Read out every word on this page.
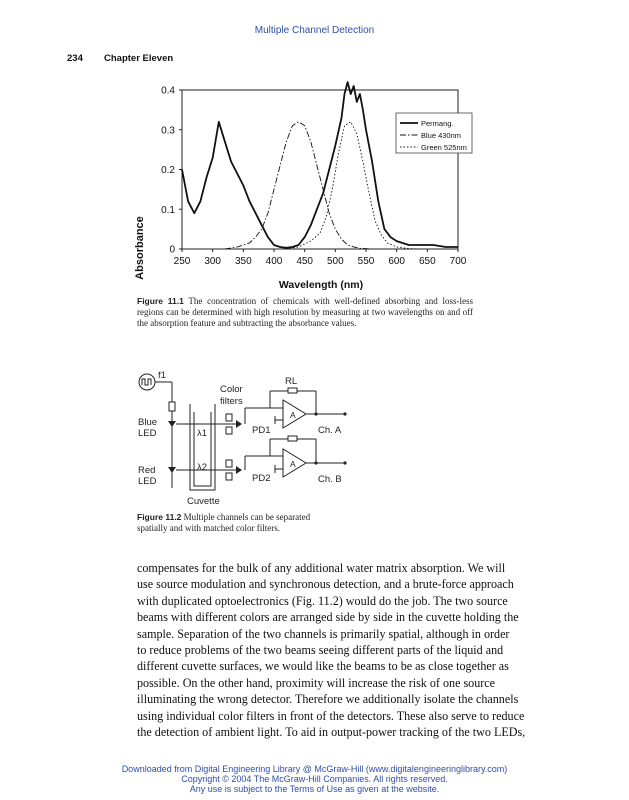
Multiple Channel Detection
234 Chapter Eleven
250 300 350 400 450 500 550 600 650 700
0
0.1
0.2
0.3
0.4
Absorbance
Wavelength (nm)
Permang.
Blue 430nm
Green 525nm
Figure 11.1 The concentration of chemicals with well-defined absorbing and loss-less regions can be determined with high resolution by measuring at two wavelengths on and off the absorption feature and subtracting the absorbance values.
f1
Color
filters
RL
Blue
LED
Red
LED
λ1
λ2
PD1
PD2
A
A
Ch. A
Ch. B
Cuvette
Figure 11.2 Multiple channels can be separated
spatially and with matched color filters.
compensates for the bulk of any additional water matrix absorption. We will
use source modulation and synchronous detection, and a brute-force approach
with duplicated optoelectronics (Fig. 11.2) would do the job. The two source
beams with different colors are arranged side by side in the cuvette holding the
sample. Separation of the two channels is primarily spatial, although in order
to reduce problems of the two beams seeing different parts of the liquid and
different cuvette surfaces, we would like the beams to be as close together as
possible. On the other hand, proximity will increase the risk of one source
illuminating the wrong detector. Therefore we additionally isolate the channels
using individual color filters in front of the detectors. These also serve to reduce
the detection of ambient light. To aid in output-power tracking of the two LEDs,
Downloaded from Digital Engineering Library @ McGraw-Hill (www.digitalengineeringlibrary.com)
Copyright © 2004 The McGraw-Hill Companies. All rights reserved.
Any use is subject to the Terms of Use as given at the website.
